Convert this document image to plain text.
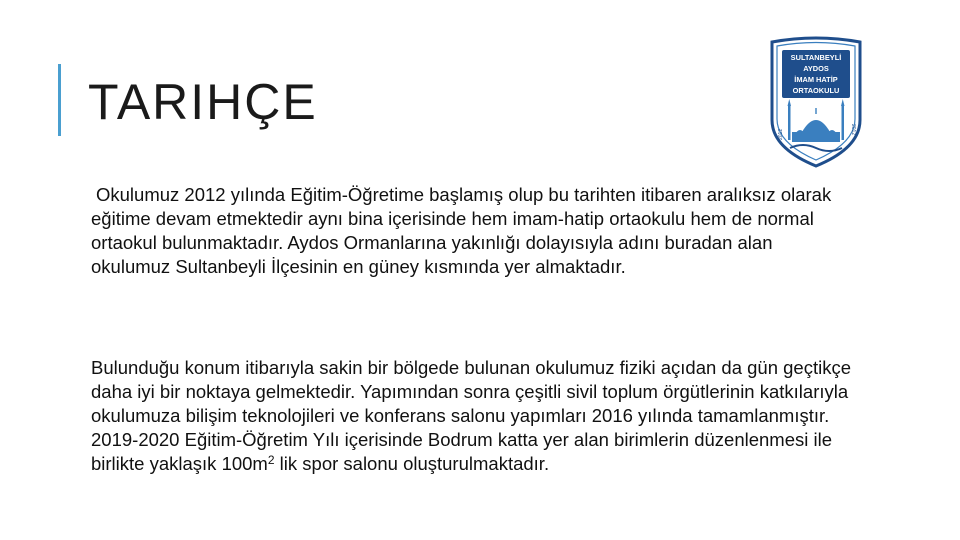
TARIHÇE
SULTANBEYLİ
AYDOS
İMAM HATİP
ORTAOKULU
2012	2012

Okulumuz 2012 yılında Eğitim-Öğretime başlamış olup bu tarihten itibaren aralıksız olarak eğitime devam etmektedir aynı bina içerisinde hem imam-hatip ortaokulu hem de normal ortaokul bulunmaktadır. Aydos Ormanlarına yakınlığı dolayısıyla adını buradan alan okulumuz Sultanbeyli İlçesinin en güney kısmında yer almaktadır.

Bulunduğu konum itibarıyla sakin bir bölgede bulunan okulumuz fiziki açıdan da gün geçtikçe daha iyi bir noktaya gelmektedir. Yapımından sonra çeşitli sivil toplum örgütlerinin katkılarıyla okulumuza bilişim teknolojileri ve konferans salonu yapımları 2016 yılında tamamlanmıştır. 2019-2020 Eğitim-Öğretim Yılı içerisinde Bodrum katta yer alan birimlerin düzenlenmesi ile birlikte yaklaşık $100m^2$ lik spor salonu oluşturulmaktadır.
